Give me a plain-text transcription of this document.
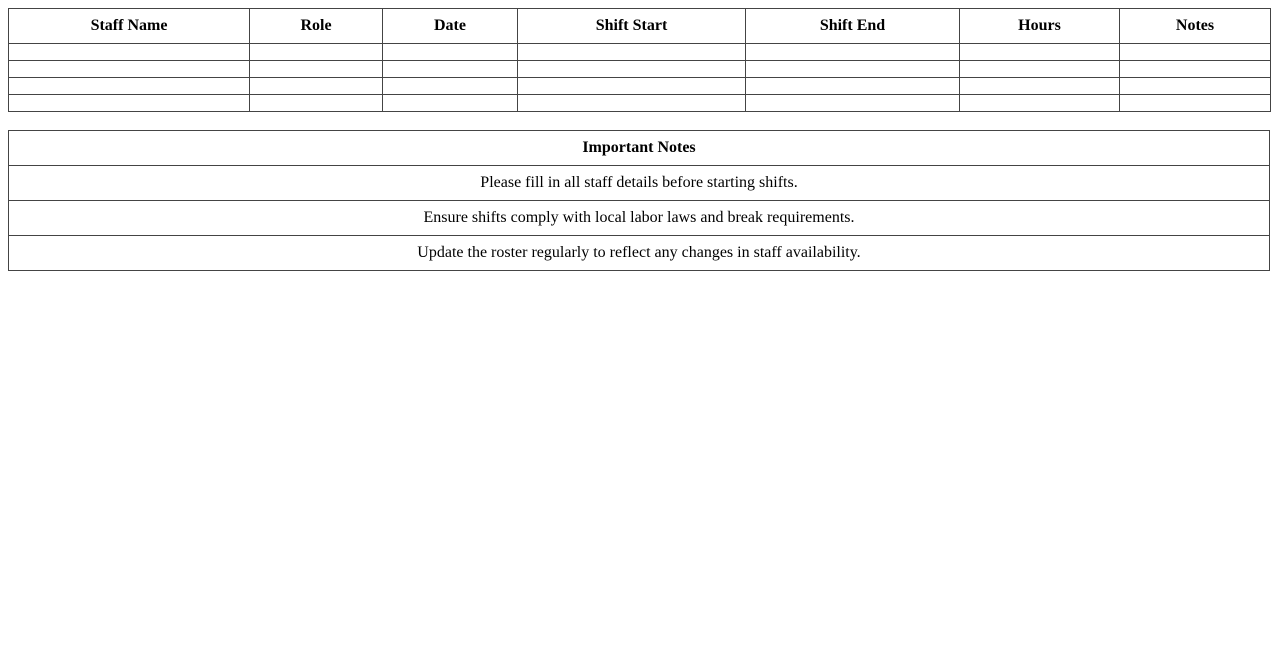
Staff Name	Role	Date	Shift Start	Shift End	Hours	Notes

Important Notes
Please fill in all staff details before starting shifts.
Ensure shifts comply with local labor laws and break requirements.
Update the roster regularly to reflect any changes in staff availability.
